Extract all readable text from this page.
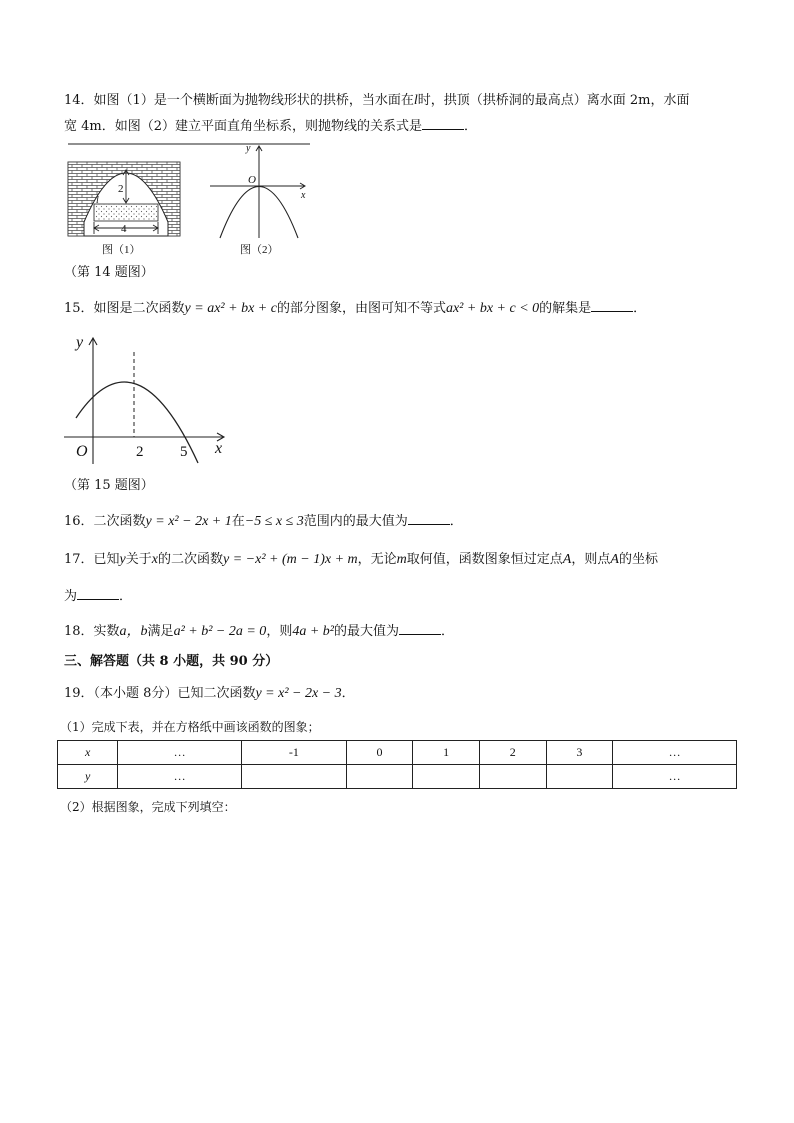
14．如图（1）是一个横断面为抛物线形状的拱桥，当水面在l时，拱顶（拱桥洞的最高点）离水面 2m，水面
宽 4m．如图（2）建立平面直角坐标系，则抛物线的关系式是	．
2
l
4
图（1）
y
x
O
图（2）
（第 14 题图）
15．如图是二次函数y = ax² + bx + c的部分图象，由图可知不等式ax² + bx + c < 0的解集是	．
y
x
O	2 5
（第 15 题图）
16．二次函数y = x² − 2x + 1在−5 ≤ x ≤ 3范围内的最大值为	．
17．已知y关于x的二次函数y = −x² + (m − 1)x + m，无论m取何值，函数图象恒过定点A，则点A的坐标
为	．
18．实数a，b满足a² + b² − 2a = 0，则4a + b²的最大值为	．
三、解答题（共 8 小题，共 90 分）
19．（本小题 8分）已知二次函数y = x² − 2x − 3．
（1）完成下表，并在方格纸中画该函数的图象；
x	…	-1	0	1	2	3	…
y	…						…
（2）根据图象，完成下列填空：
